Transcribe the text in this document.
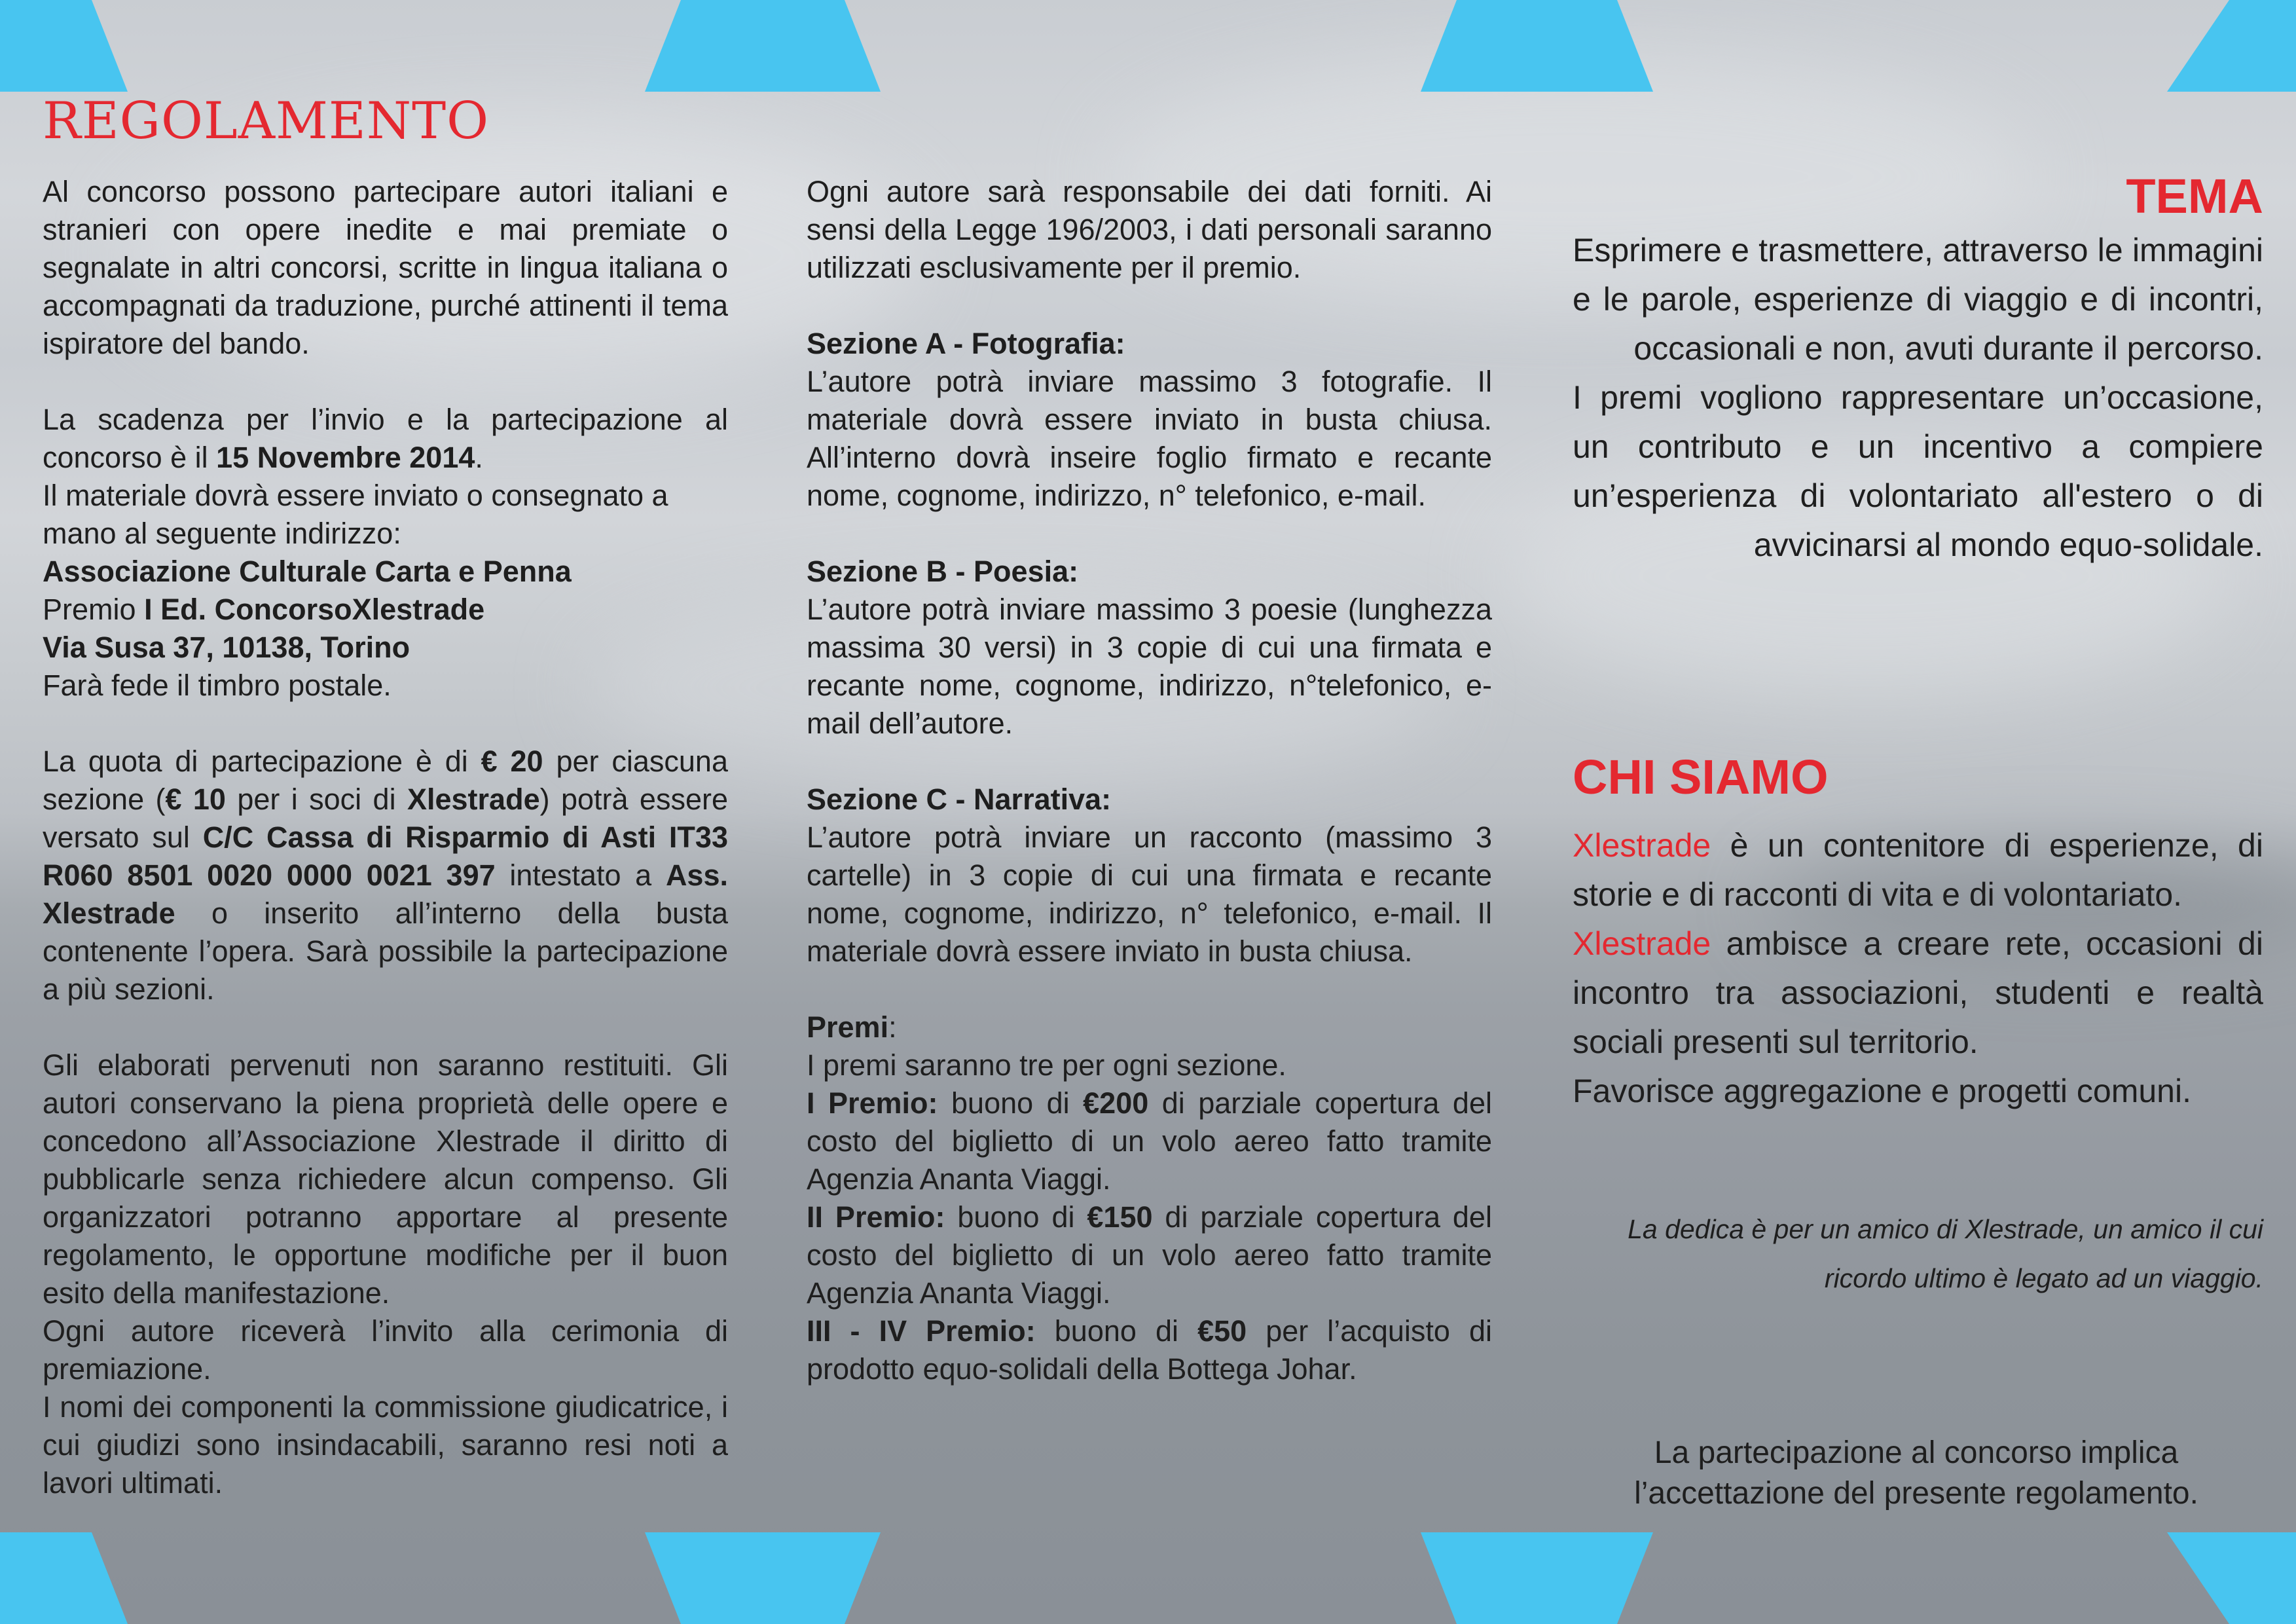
REGOLAMENTO

Al concorso possono partecipare autori italiani e stranieri con opere inedite e mai premiate o segnalate in altri concorsi, scritte in lingua italiana o accompagnati da traduzione, purché attinenti il tema ispiratore del bando.

La scadenza per l’invio e la partecipazione al concorso è il 15 Novembre 2014.

Il materiale dovrà essere inviato o consegnato a mano al seguente indirizzo:

Associazione Culturale Carta e Penna

Premio I Ed. ConcorsoXlestrade

Via Susa 37, 10138, Torino

Farà fede il timbro postale.

La quota di partecipazione è di € 20 per ciascuna sezione (€ 10 per i soci di Xlestrade) potrà essere versato sul C/C Cassa di Risparmio di Asti IT33 R060 8501 0020 0000 0021 397 intestato a Ass. Xlestrade o inserito all’interno della busta contenente l’opera. Sarà possibile la partecipazione a più sezioni.

Gli elaborati pervenuti non saranno restituiti. Gli autori conservano la piena proprietà delle opere e concedono all’Associazione Xlestrade il diritto di pubblicarle senza richiedere alcun compenso. Gli organizzatori potranno apportare al presente regolamento, le opportune modifiche per il buon esito della manifestazione.

Ogni autore riceverà l’invito alla cerimonia di premiazione.

I nomi dei componenti la commissione giudicatrice, i cui giudizi sono insindacabili, saranno resi noti a lavori ultimati.

Ogni autore sarà responsabile dei dati forniti. Ai sensi della Legge 196/2003, i dati personali saranno utilizzati esclusivamente per il premio.

Sezione A - Fotografia:

L’autore potrà inviare massimo 3 fotografie. Il materiale dovrà essere inviato in busta chiusa. All’interno dovrà inseire foglio firmato e recante nome, cognome, indirizzo, n° telefonico, e-mail.

Sezione B - Poesia:

L’autore potrà inviare massimo 3 poesie (lunghezza massima 30 versi) in 3 copie di cui una firmata e recante nome, cognome, indirizzo, n°telefonico, e-mail dell’autore.

Sezione C - Narrativa:

L’autore potrà inviare un racconto (massimo 3 cartelle) in 3 copie di cui una firmata e recante nome, cognome, indirizzo, n° telefonico, e-mail. Il materiale dovrà essere inviato in busta chiusa.

Premi:

I premi saranno tre per ogni sezione.

I Premio: buono di €200 di parziale copertura del costo del biglietto di un volo aereo fatto tramite Agenzia Ananta Viaggi.

II Premio: buono di €150 di parziale copertura del costo del biglietto di un volo aereo fatto tramite Agenzia Ananta Viaggi.

III - IV Premio: buono di €50 per l’acquisto di prodotto equo-solidali della Bottega Johar.

TEMA

Esprimere e trasmettere, attraverso le immagini e le parole, esperienze di viaggio e di incontri, occasionali e non, avuti durante il percorso.

I premi vogliono rappresentare un’occasione, un contributo e un incentivo a compiere un’esperienza di volontariato all'estero o di avvicinarsi al mondo equo-solidale.

CHI SIAMO

Xlestrade è un contenitore di esperienze, di storie e di racconti di vita e di volontariato.

Xlestrade ambisce a creare rete, occasioni di incontro tra associazioni, studenti e realtà sociali presenti sul territorio.

Favorisce aggregazione e progetti comuni.

La dedica è per un amico di Xlestrade, un amico il cui ricordo ultimo è legato ad un viaggio.

La partecipazione al concorso implica l’accettazione del presente regolamento.
